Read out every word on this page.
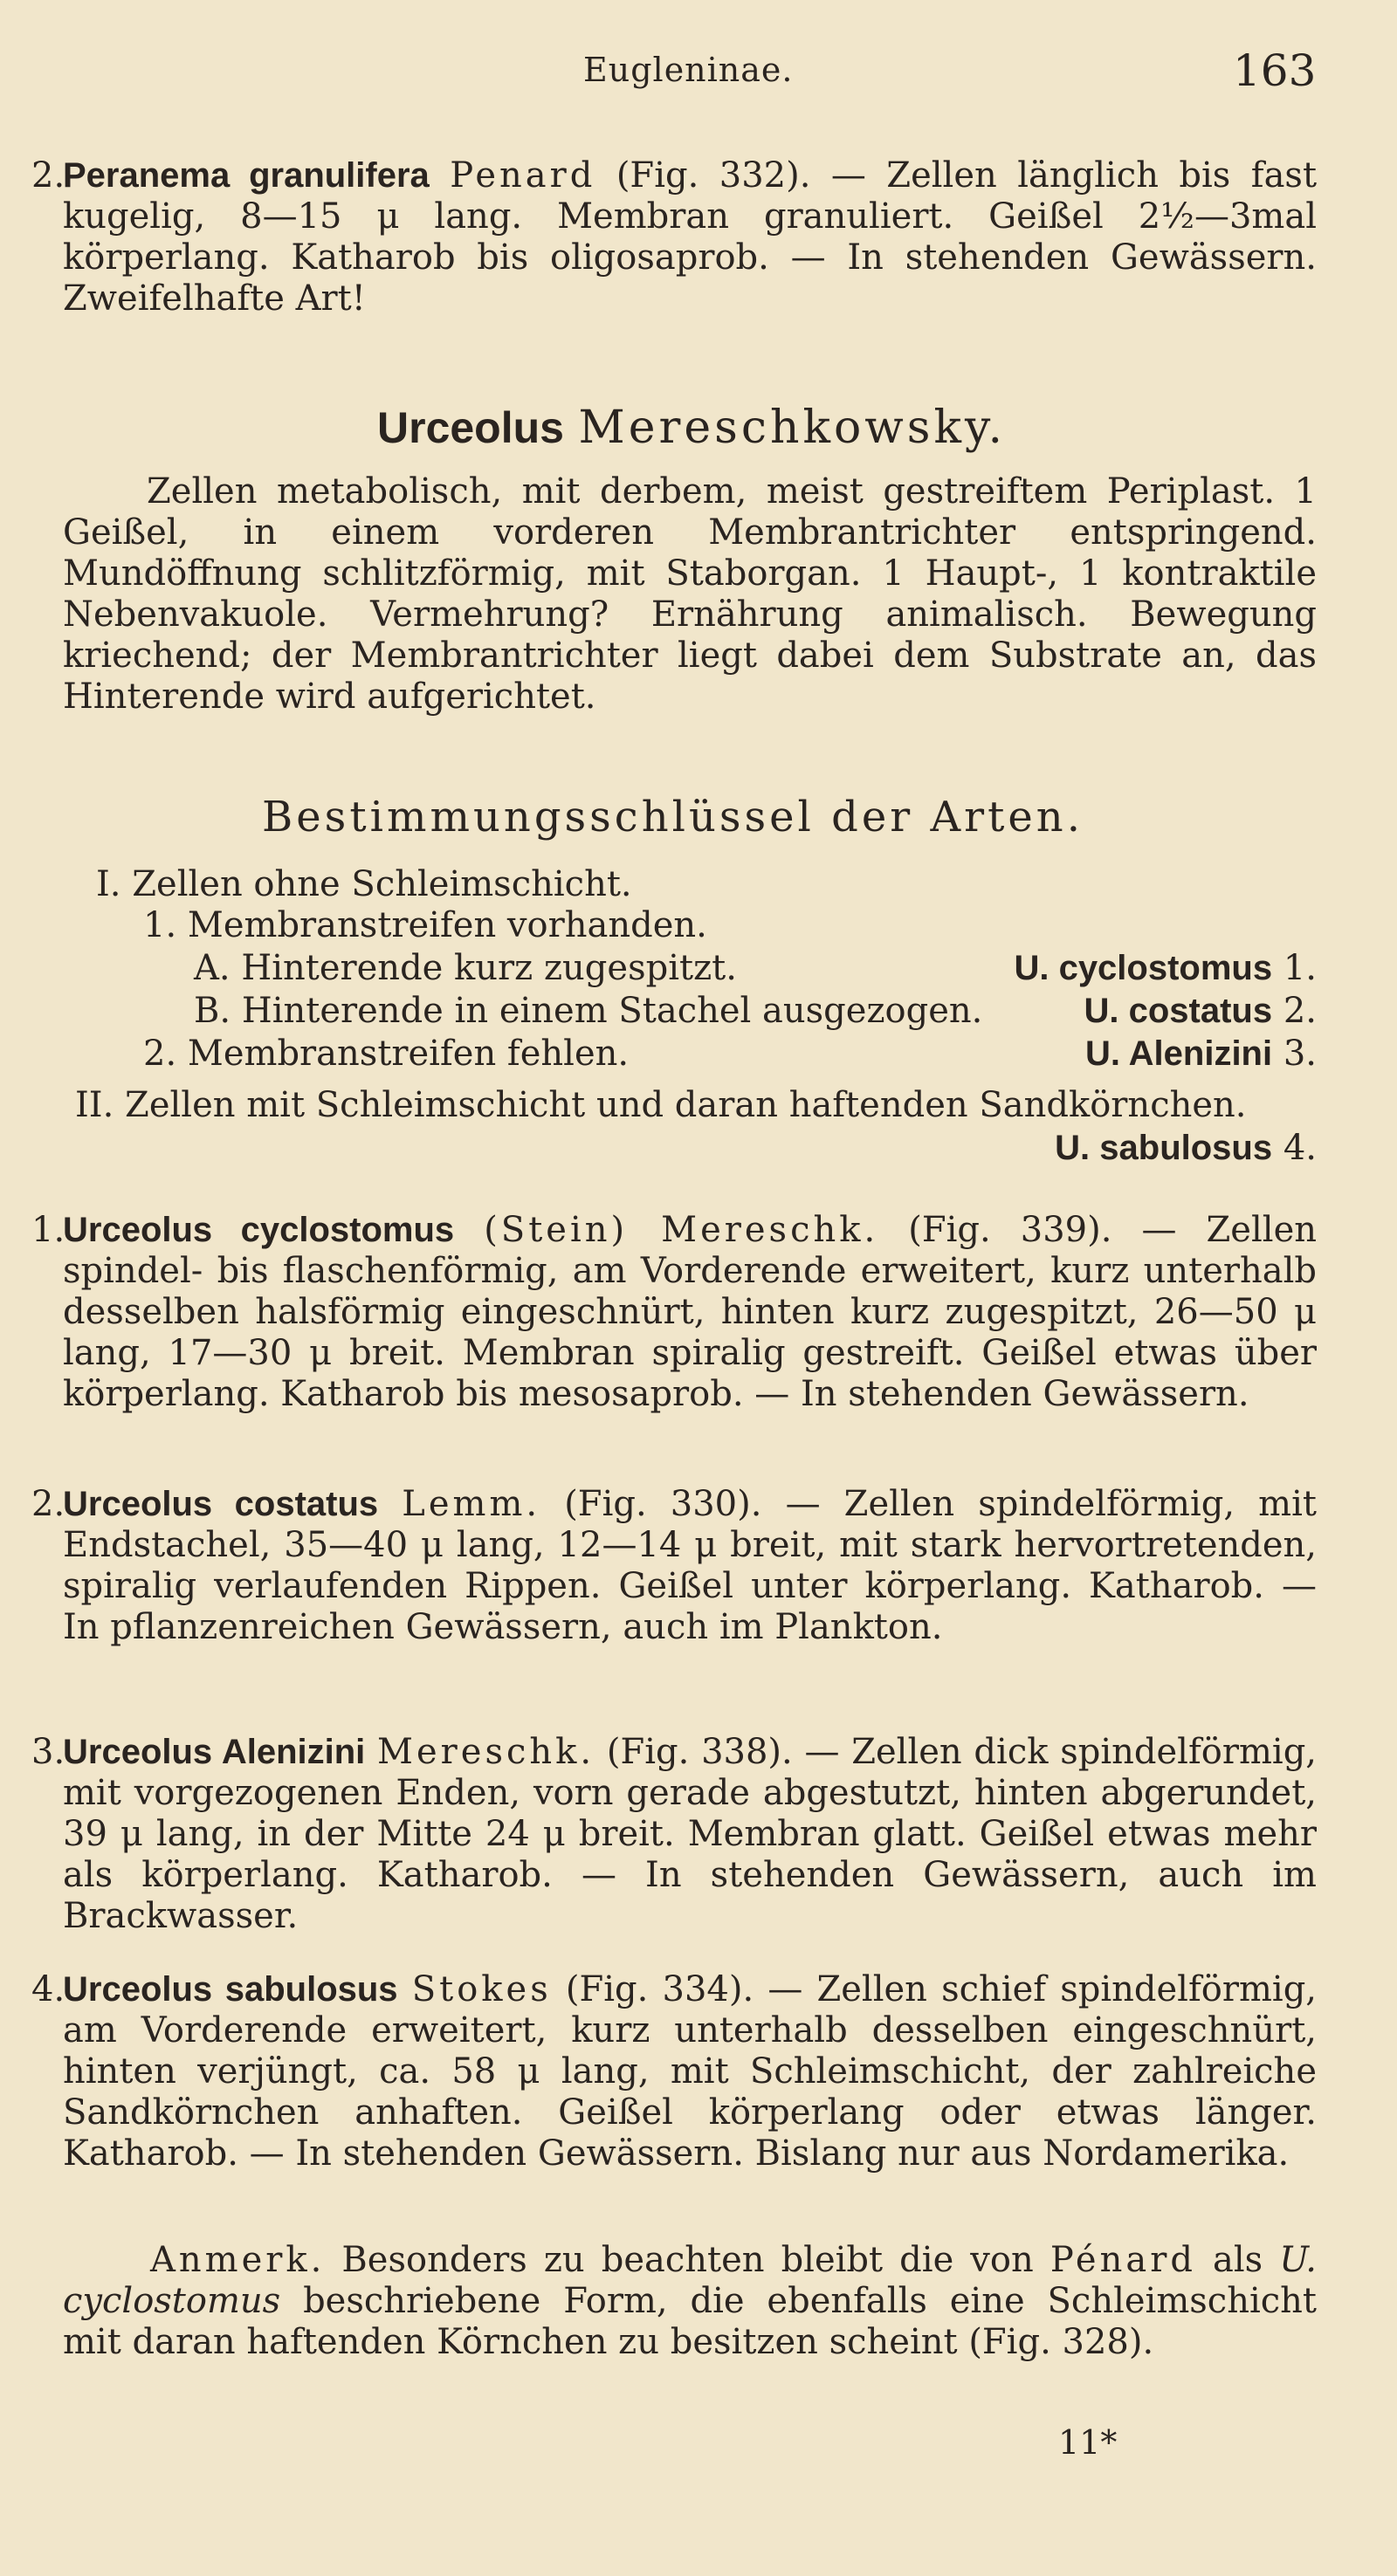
Eugleninae.	163
2.
Peranema granulifera Penard (Fig. 332). — Zellen länglich bis fast kugelig, 8—15 μ lang. Membran granuliert. Geißel 2½—3mal körperlang. Katharob bis oligosaprob. — In stehenden Gewässern. Zweifelhafte Art!
Urceolus Mereschkowsky.
Zellen metabolisch, mit derbem, meist gestreiftem Periplast. 1 Geißel, in einem vorderen Membrantrichter entspringend. Mundöffnung schlitzförmig, mit Staborgan. 1 Haupt-, 1 kontraktile Nebenvakuole. Vermehrung? Ernährung animalisch. Bewegung kriechend; der Membrantrichter liegt dabei dem Substrate an, das Hinterende wird aufgerichtet.
Bestimmungsschlüssel der Arten.
I. Zellen ohne Schleimschicht.
1. Membranstreifen vorhanden.
A. Hinterende kurz zugespitzt.	U. cyclostomus 1.
B. Hinterende in einem Stachel ausgezogen.	U. costatus 2.
2. Membranstreifen fehlen.	U. Alenizini 3.
II. Zellen mit Schleimschicht und daran haftenden Sandkörnchen.
U. sabulosus 4.
1.
Urceolus cyclostomus (Stein) Mereschk. (Fig. 339). — Zellen spindel- bis flaschenförmig, am Vorderende erweitert, kurz unterhalb desselben halsförmig eingeschnürt, hinten kurz zugespitzt, 26—50 μ lang, 17—30 μ breit. Membran spiralig gestreift. Geißel etwas über körperlang. Katharob bis mesosaprob. — In stehenden Gewässern.
2.
Urceolus costatus Lemm. (Fig. 330). — Zellen spindelförmig, mit Endstachel, 35—40 μ lang, 12—14 μ breit, mit stark hervortretenden, spiralig verlaufenden Rippen. Geißel unter körperlang. Katharob. — In pflanzenreichen Gewässern, auch im Plankton.
3.
Urceolus Alenizini Mereschk. (Fig. 338). — Zellen dick spindelförmig, mit vorgezogenen Enden, vorn gerade abgestutzt, hinten abgerundet, 39 μ lang, in der Mitte 24 μ breit. Membran glatt. Geißel etwas mehr als körperlang. Katharob. — In stehenden Gewässern, auch im Brackwasser.
4.
Urceolus sabulosus Stokes (Fig. 334). — Zellen schief spindelförmig, am Vorderende erweitert, kurz unterhalb desselben eingeschnürt, hinten verjüngt, ca. 58 μ lang, mit Schleimschicht, der zahlreiche Sandkörnchen anhaften. Geißel körperlang oder etwas länger. Katharob. — In stehenden Gewässern. Bislang nur aus Nordamerika.
Anmerk. Besonders zu beachten bleibt die von Pénard als U. cyclostomus beschriebene Form, die ebenfalls eine Schleimschicht mit daran haftenden Körnchen zu besitzen scheint (Fig. 328).
11*
